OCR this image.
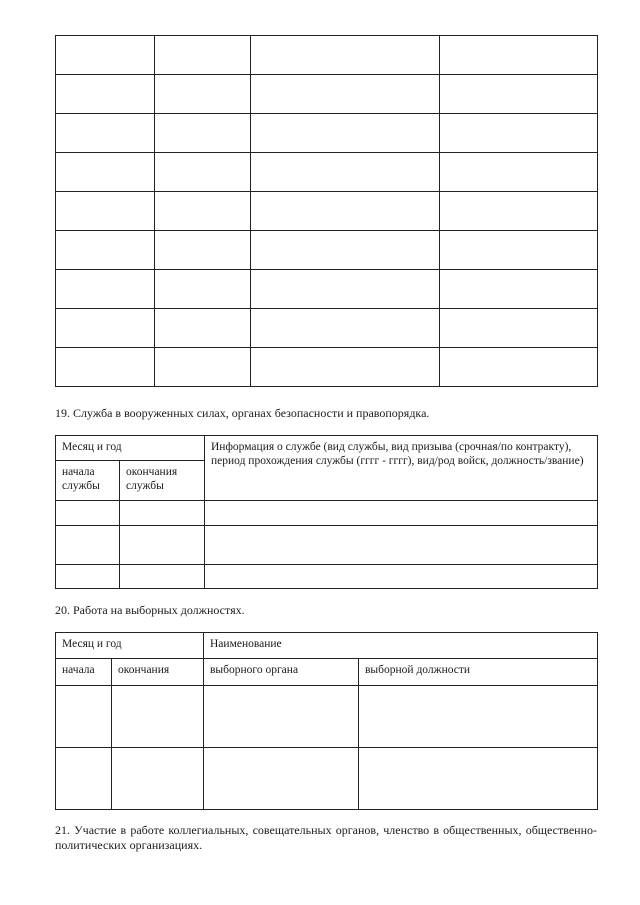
19. Служба в вооруженных силах, органах безопасности и правопорядка.
Месяц и год		Информация о службе (вид службы, вид призыва (срочная/по контракту), период прохождения службы (гггг - гггг), вид/род войск, должность/звание)

начала службы	окончания службы	

20. Работа на выборных должностях.
Месяц и год		Наименование	

начала	окончания	выборного органа	выборной должности

21. Участие в работе коллегиальных, совещательных органов, членство в общественных, общественно-политических организациях.
